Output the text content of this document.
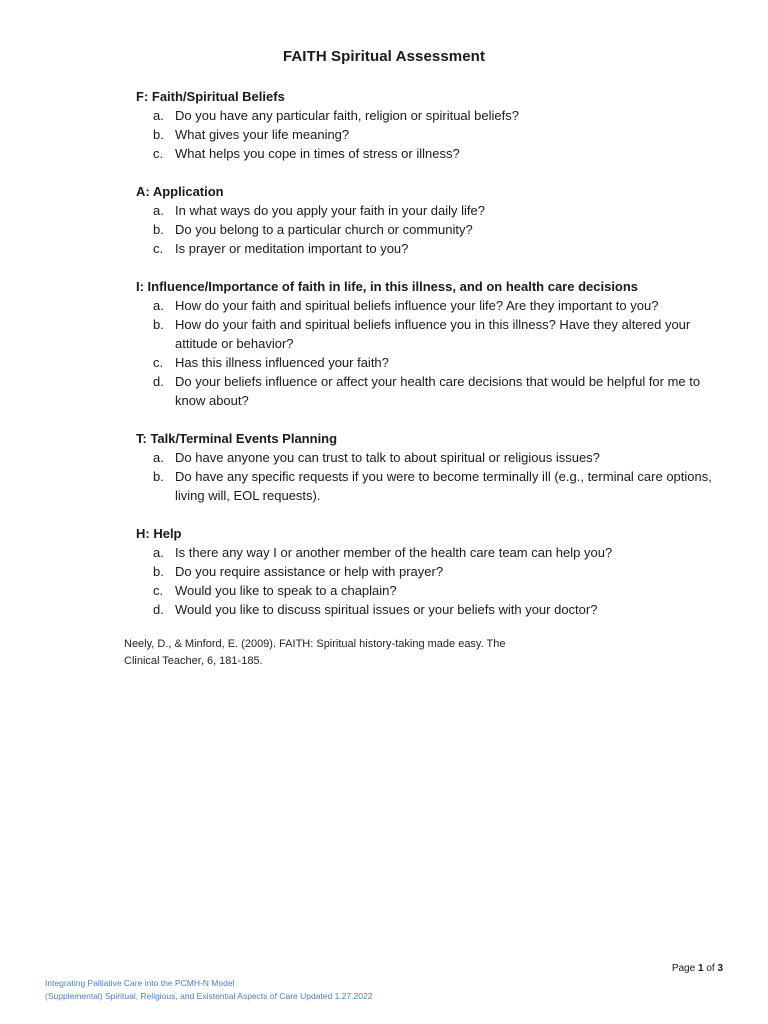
FAITH Spiritual Assessment

F: Faith/Spiritual Beliefs

a. Do you have any particular faith, religion or spiritual beliefs?
b. What gives your life meaning?
c. What helps you cope in times of stress or illness?

A: Application

a. In what ways do you apply your faith in your daily life?
b. Do you belong to a particular church or community?
c. Is prayer or meditation important to you?

I: Influence/Importance of faith in life, in this illness, and on health care decisions

a. How do your faith and spiritual beliefs influence your life? Are they important to you?
b. How do your faith and spiritual beliefs influence you in this illness? Have they altered your attitude or behavior?
c. Has this illness influenced your faith?
d. Do your beliefs influence or affect your health care decisions that would be helpful for me to know about?

T: Talk/Terminal Events Planning

a. Do have anyone you can trust to talk to about spiritual or religious issues?
b. Do have any specific requests if you were to become terminally ill (e.g., terminal care options, living will, EOL requests).

H: Help

a. Is there any way I or another member of the health care team can help you?
b. Do you require assistance or help with prayer?
c. Would you like to speak to a chaplain?
d. Would you like to discuss spiritual issues or your beliefs with your doctor?
Neely, D., & Minford, E. (2009). FAITH: Spiritual history-taking made easy. The
Clinical Teacher, 6, 181-185.
Page 1 of 3
Integrating Palliative Care into the PCMH-N Model
(Supplemental) Spiritual, Religious, and Existential Aspects of Care Updated 1.27.2022
